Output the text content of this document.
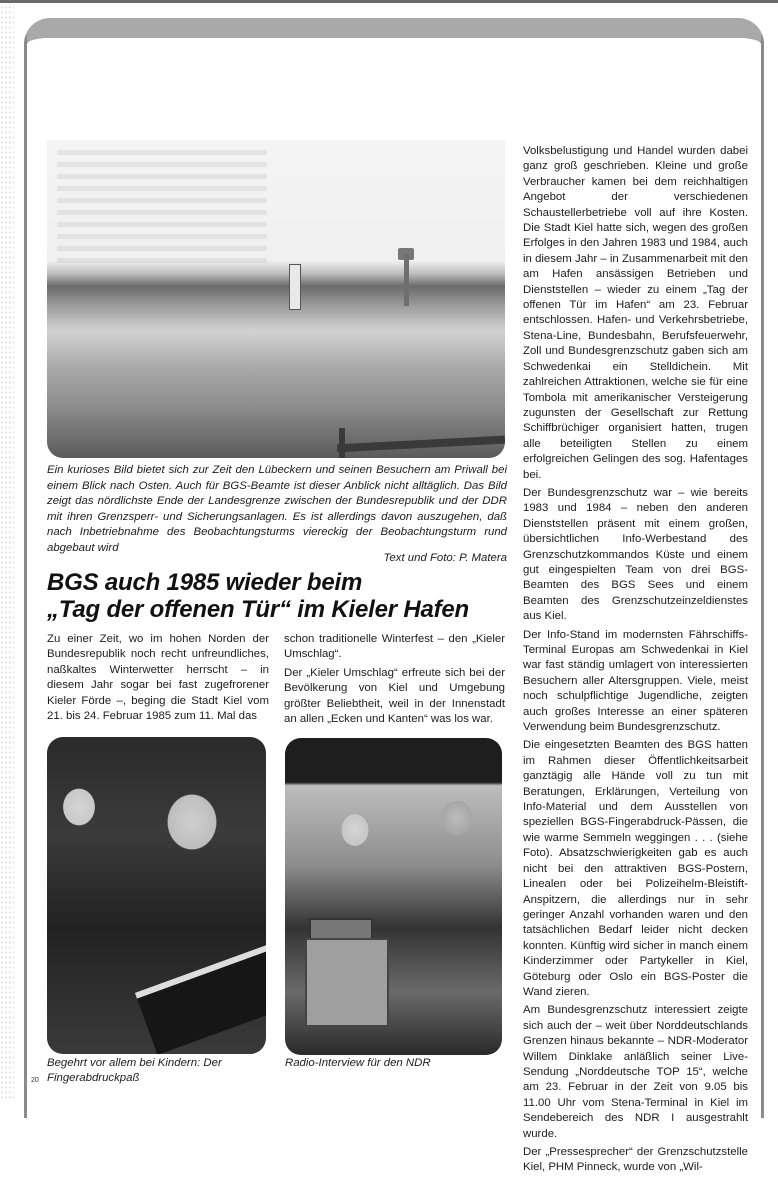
Ein kurioses Bild bietet sich zur Zeit den Lübeckern und seinen Besuchern am Priwall bei einem Blick nach Osten. Auch für BGS-Beamte ist dieser Anblick nicht alltäglich. Das Bild zeigt das nördlichste Ende der Landesgrenze zwischen der Bundesrepublik und der DDR mit ihren Grenzsperr- und Sicherungsanlagen. Es ist allerdings davon auszugehen, daß nach Inbetriebnahme des Beobachtungsturms viereckig der Beobachtungsturm rund abgebaut wird
Text und Foto: P. Matera
BGS auch 1985 wieder beim
„Tag der offenen Tür“ im Kieler Hafen

Zu einer Zeit, wo im hohen Norden der Bundesrepublik noch recht unfreundliches, naßkaltes Winterwetter herrscht – in diesem Jahr sogar bei fast zugefrorener Kieler Förde –, beging die Stadt Kiel vom 21. bis 24. Februar 1985 zum 11. Mal das

schon traditionelle Winterfest – den „Kieler Umschlag“.

Der „Kieler Umschlag“ erfreute sich bei der Bevölkerung von Kiel und Umgebung größter Beliebtheit, weil in der Innenstadt an allen „Ecken und Kanten“ was los war.

Volksbelustigung und Handel wurden dabei ganz groß geschrieben. Kleine und große Verbraucher kamen bei dem reichhaltigen Angebot der verschiedenen Schaustellerbetriebe voll auf ihre Kosten. Die Stadt Kiel hatte sich, wegen des großen Erfolges in den Jahren 1983 und 1984, auch in diesem Jahr – in Zusammenarbeit mit den am Hafen ansässigen Betrieben und Dienststellen – wieder zu einem „Tag der offenen Tür im Hafen“ am 23. Februar entschlossen. Hafen- und Verkehrsbetriebe, Stena-Line, Bundesbahn, Berufsfeuerwehr, Zoll und Bundesgrenzschutz gaben sich am Schwedenkai ein Stelldichein. Mit zahlreichen Attraktionen, welche sie für eine Tombola mit amerikanischer Versteigerung zugunsten der Gesellschaft zur Rettung Schiffbrüchiger organisiert hatten, trugen alle beteiligten Stellen zu einem erfolgreichen Gelingen des sog. Hafentages bei.

Der Bundesgrenzschutz war – wie bereits 1983 und 1984 – neben den anderen Dienststellen präsent mit einem großen, übersichtlichen Info-Werbestand des Grenzschutzkommandos Küste und einem gut eingespielten Team von drei BGS-Beamten des BGS Sees und einem Beamten des Grenzschutzeinzeldienstes aus Kiel.

Der Info-Stand im modernsten Fährschiffs-Terminal Europas am Schwedenkai in Kiel war fast ständig umlagert von interessierten Besuchern aller Altersgruppen. Viele, meist noch schulpflichtige Jugendliche, zeigten auch großes Interesse an einer späteren Verwendung beim Bundesgrenzschutz.

Die eingesetzten Beamten des BGS hatten im Rahmen dieser Öffentlichkeitsarbeit ganztägig alle Hände voll zu tun mit Beratungen, Erklärungen, Verteilung von Info-Material und dem Ausstellen von speziellen BGS-Fingerabdruck-Pässen, die wie warme Semmeln weggingen . . . (siehe Foto). Absatzschwierigkeiten gab es auch nicht bei den attraktiven BGS-Postern, Linealen oder bei Polizeihelm-Bleistift-Anspitzern, die allerdings nur in sehr geringer Anzahl vorhanden waren und den tatsächlichen Bedarf leider nicht decken konnten. Künftig wird sicher in manch einem Kinderzimmer oder Partykeller in Kiel, Göteburg oder Oslo ein BGS-Poster die Wand zieren.

Am Bundesgrenzschutz interessiert zeigte sich auch der – weit über Norddeutschlands Grenzen hinaus bekannte – NDR-Moderator Willem Dinklake anläßlich seiner Live-Sendung „Norddeutsche TOP 15“, welche am 23. Februar in der Zeit von 9.05 bis 11.00 Uhr vom Stena-Terminal in Kiel im Sendebereich des NDR I ausgestrahlt wurde.

Der „Pressesprecher“ der Grenzschutzstelle Kiel, PHM Pinneck, wurde von „Wil-

Begehrt vor allem bei Kindern: Der Fingerabdruckpaß
Radio-Interview für den NDR
20
